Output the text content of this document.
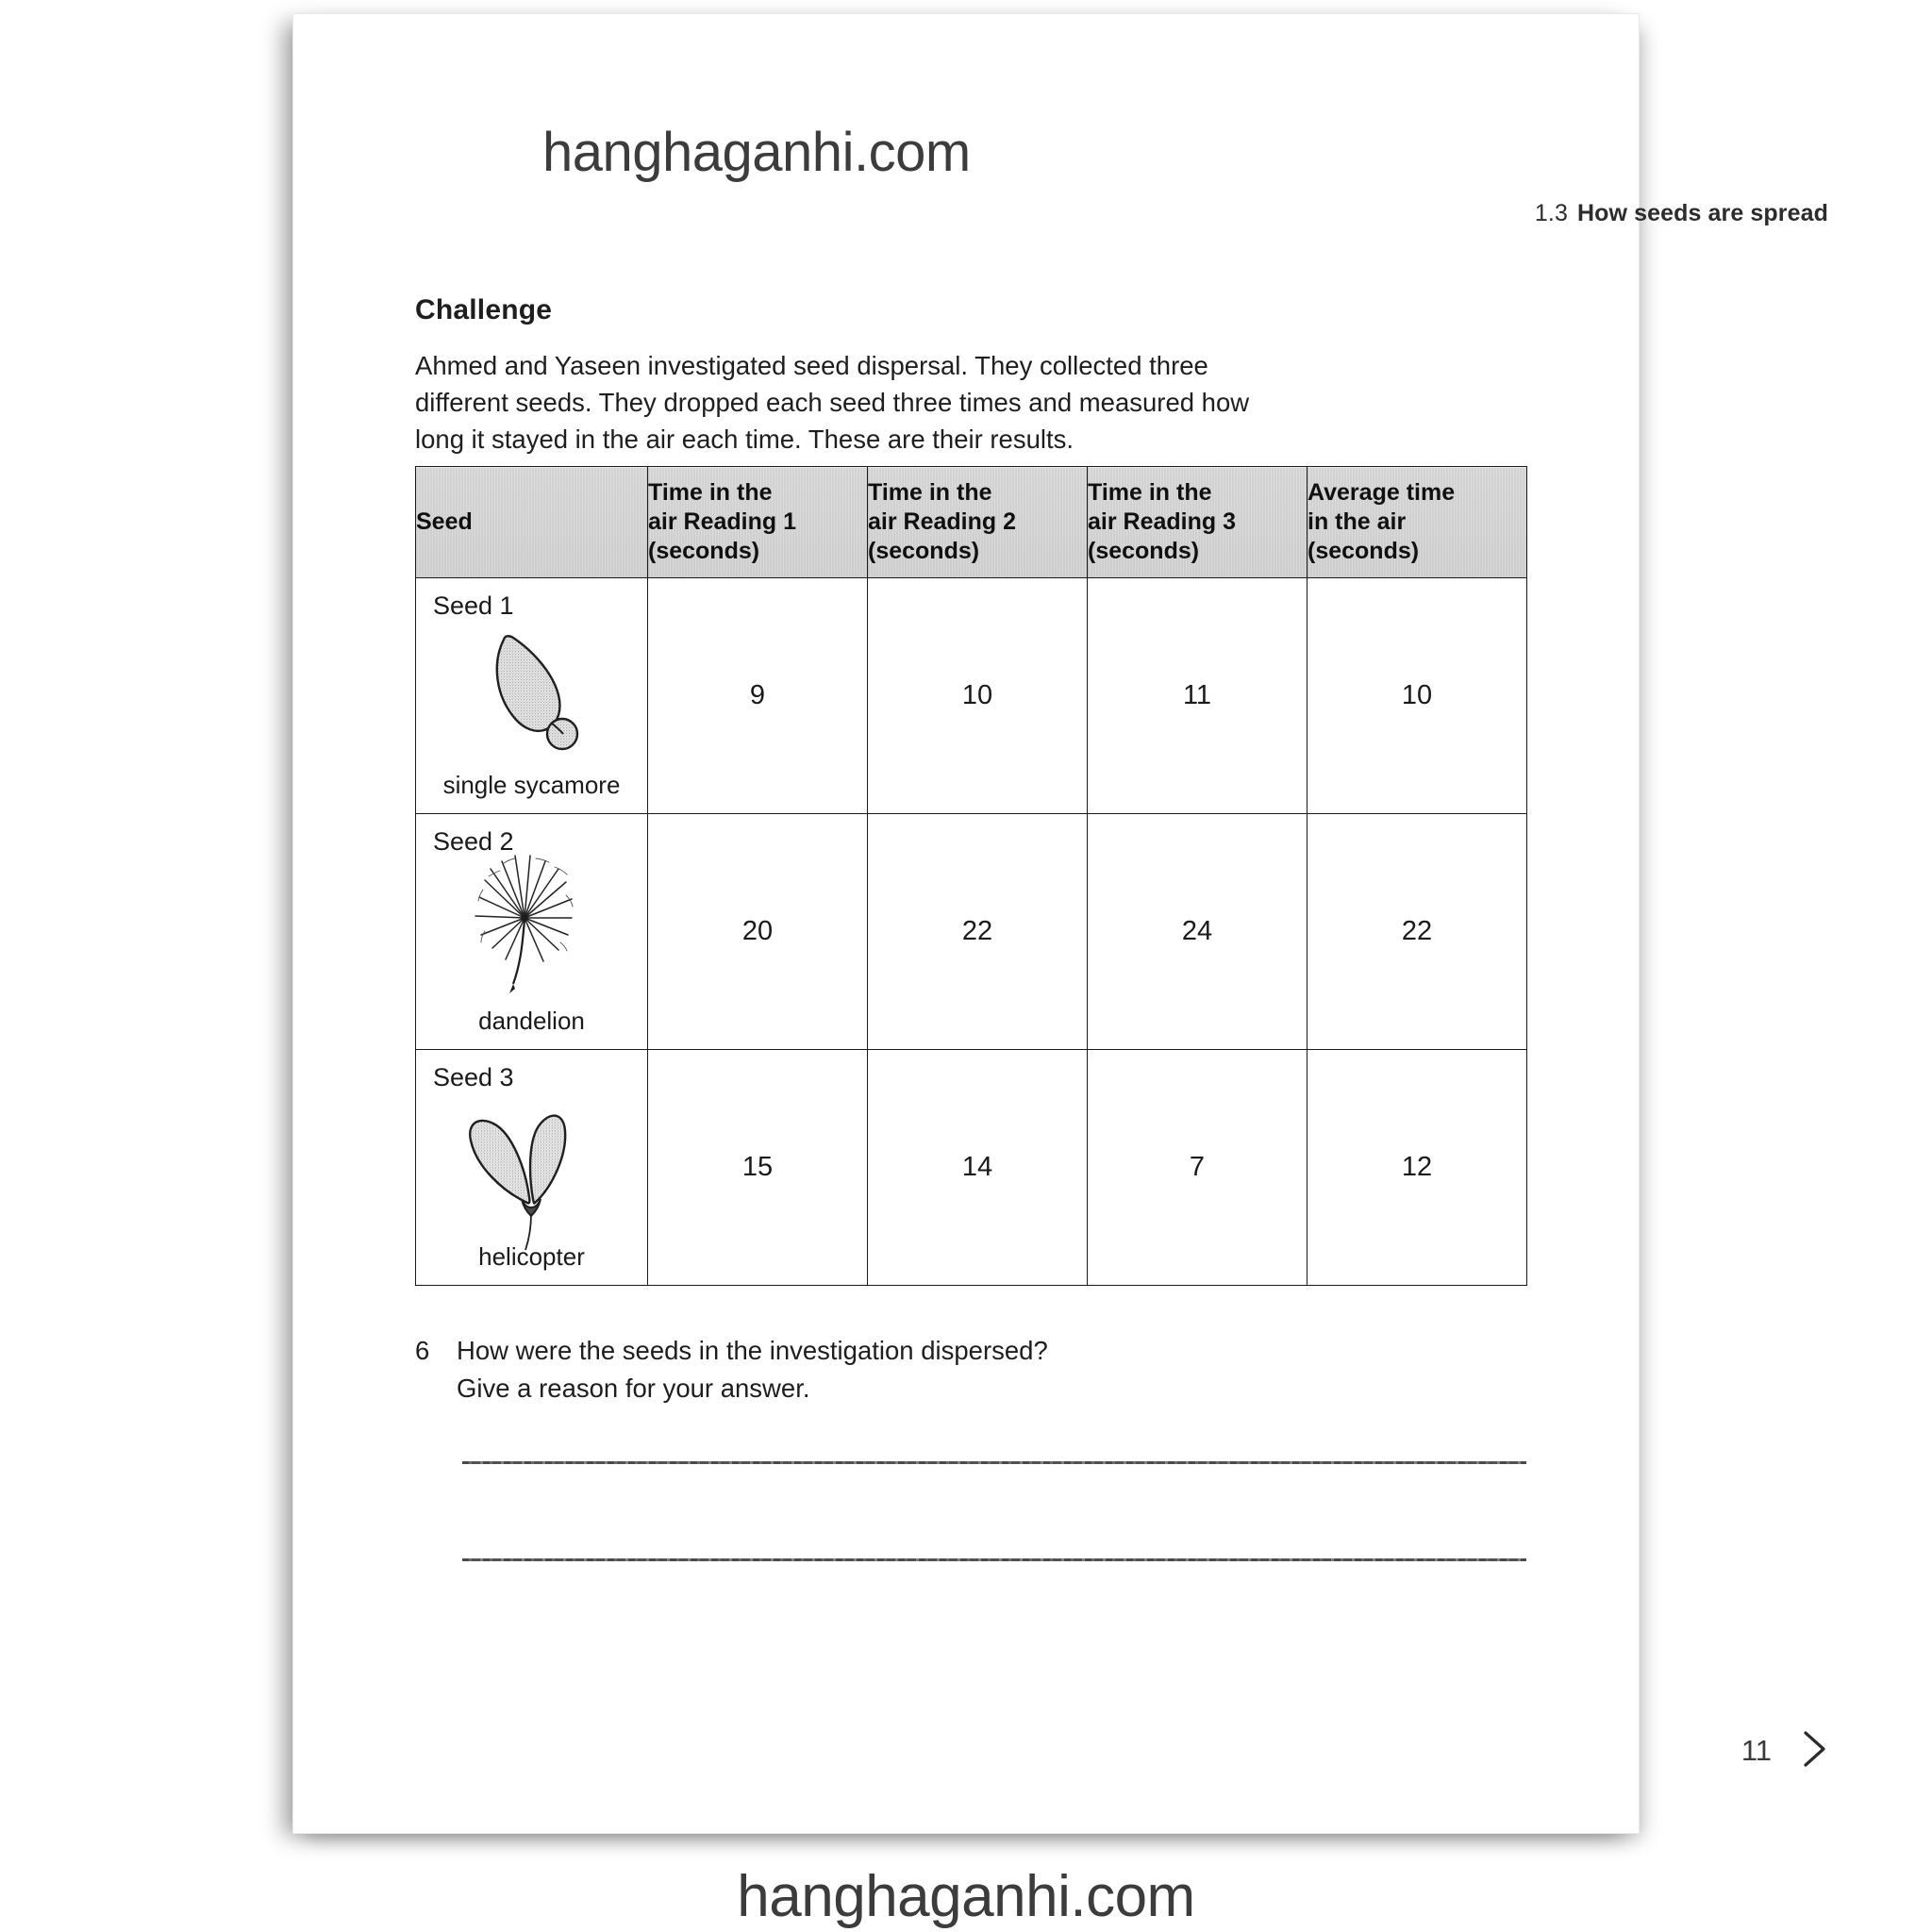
hanghaganhi.com
1.3 How seeds are spread
Challenge

Ahmed and Yaseen investigated seed dispersal. They collected three

different seeds. They dropped each seed three times and measured how

long it stayed in the air each time. These are their results.

Seed	Time in the
air Reading 1
(seconds)	Time in the
air Reading 2
(seconds)	Time in the
air Reading 3
(seconds)	Average time
in the air
(seconds)

Seed 1
single sycamore	9	10	11	10

Seed 2
dandelion	20	22	24	22

Seed 3
helicopter	15	14	7	12
6	How were the seeds in the investigation dispersed?
Give a reason for your answer.
11
hanghaganhi.com
